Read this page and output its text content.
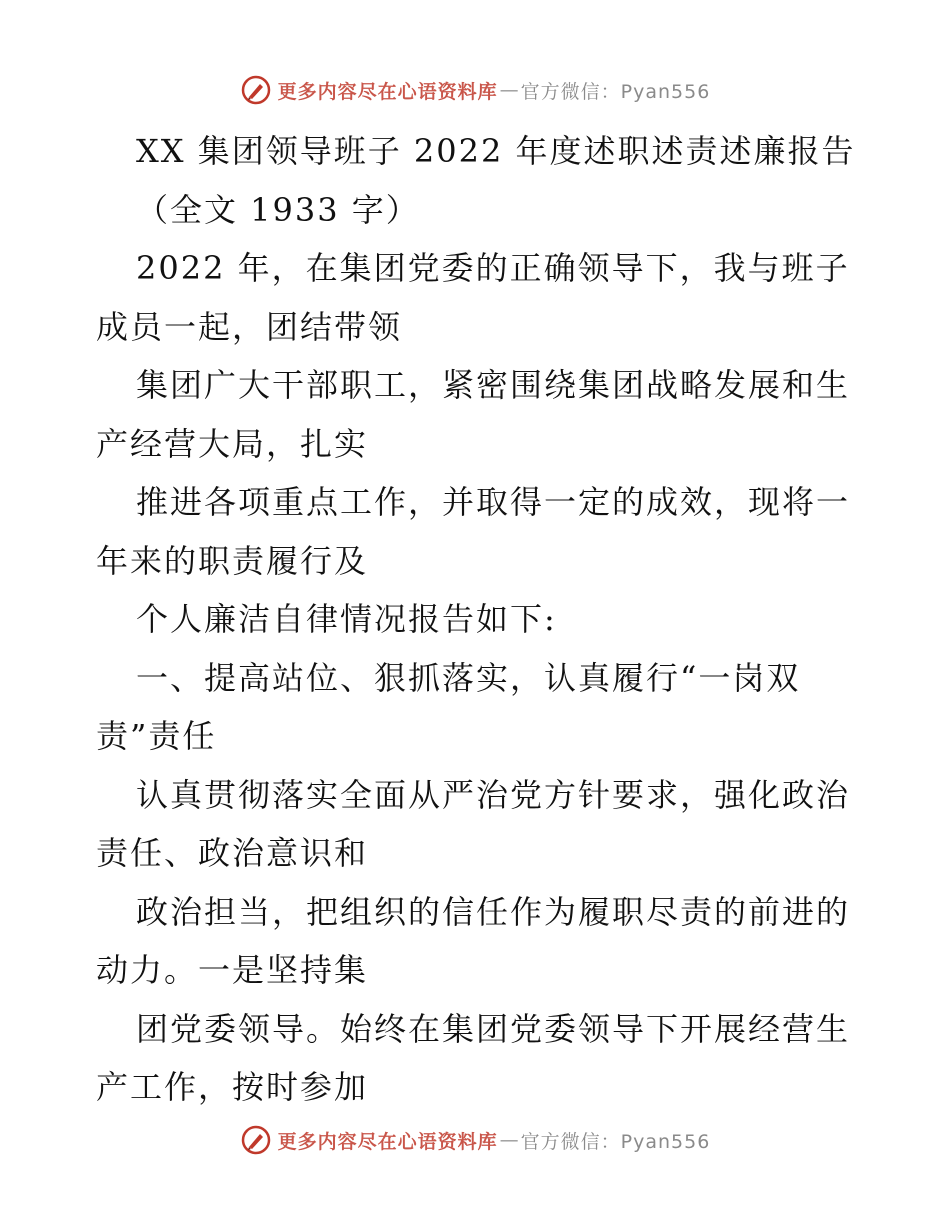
更多内容尽在心语资料库 — 官方微信：Pyan556
XX 集团领导班子 2022 年度述职述责述廉报告
（全文 1933 字）
2022 年，在集团党委的正确领导下，我与班子
成员一起，团结带领
集团广大干部职工，紧密围绕集团战略发展和生
产经营大局，扎实
推进各项重点工作，并取得一定的成效，现将一
年来的职责履行及
个人廉洁自律情况报告如下:
一、提高站位、狠抓落实，认真履行“一岗双
责”责任
认真贯彻落实全面从严治党方针要求，强化政治
责任、政治意识和
政治担当，把组织的信任作为履职尽责的前进的
动力。一是坚持集
团党委领导。始终在集团党委领导下开展经营生
产工作，按时参加
更多内容尽在心语资料库 — 官方微信：Pyan556
